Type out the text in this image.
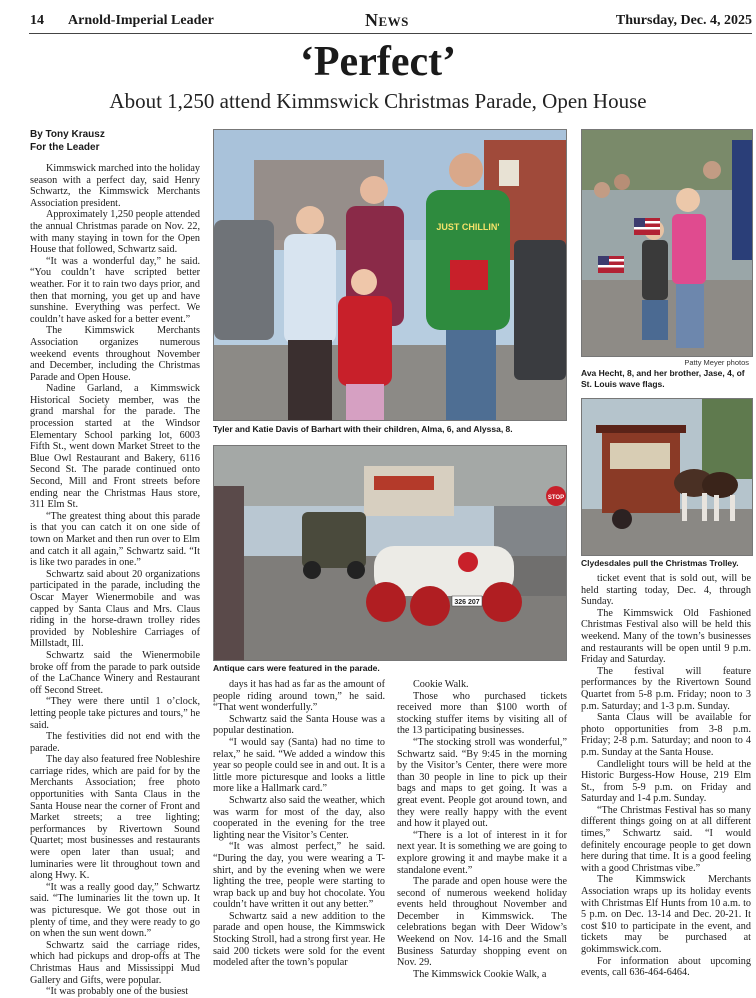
14 Arnold-Imperial Leader	News	Thursday, Dec. 4, 2025
‘Perfect’
About 1,250 attend Kimmswick Christmas Parade, Open House
By Tony Krausz
For the Leader

Kimmswick marched into the holiday season with a perfect day, said Henry Schwartz, the Kimmswick Merchants Association president.

Approximately 1,250 people attended the annual Christmas parade on Nov. 22, with many staying in town for the Open House that followed, Schwartz said.

“It was a wonderful day,” he said. “You couldn’t have scripted better weather. For it to rain two days prior, and then that morning, you get up and have sunshine. Everything was perfect. We couldn’t have asked for a better event.”

The Kimmswick Merchants Association organizes numerous weekend events throughout November and December, including the Christmas Parade and Open House.

Nadine Garland, a Kimmswick Historical Society member, was the grand marshal for the parade. The procession started at the Windsor Elementary School parking lot, 6003 Fifth St., went down Market Street to the Blue Owl Restaurant and Bakery, 6116 Second St. The parade continued onto Second, Mill and Front streets before ending near the Christmas Haus store, 311 Elm St.

“The greatest thing about this parade is that you can catch it on one side of town on Market and then run over to Elm and catch it all again,” Schwartz said. “It is like two parades in one.”

Schwartz said about 20 organizations participated in the parade, including the Oscar Mayer Wienermobile and was capped by Santa Claus and Mrs. Claus riding in the horse-drawn trolley rides provided by Nobleshire Carriages of Millstadt, Ill.

Schwartz said the Wienermobile broke off from the parade to park outside of the LaChance Winery and Restaurant off Second Street.

“They were there until 1 o’clock, letting people take pictures and tours,” he said.

The festivities did not end with the parade.

The day also featured free Nobleshire carriage rides, which are paid for by the Merchants Association; free photo opportunities with Santa Claus in the Santa House near the corner of Front and Market streets; a tree lighting; performances by Rivertown Sound Quartet; most businesses and restaurants were open later than usual; and luminaries were lit throughout town and along Hwy. K.

“It was a really good day,” Schwartz said. “The luminaries lit the town up. It was picturesque. We got those out in plenty of time, and they were ready to go on when the sun went down.”

Schwartz said the carriage rides, which had pickups and drop-offs at The Christmas Haus and Mississippi Mud Gallery and Gifts, were popular.

“It was probably one of the busiest

days it has had as far as the amount of people riding around town,” he said. “That went wonderfully.”

Schwartz said the Santa House was a popular destination.

“I would say (Santa) had no time to relax,” he said. “We added a window this year so people could see in and out. It is a little more picturesque and looks a little more like a Hallmark card.”

Schwartz also said the weather, which was warm for most of the day, also cooperated in the evening for the tree lighting near the Visitor’s Center.

“It was almost perfect,” he said. “During the day, you were wearing a T-shirt, and by the evening when we were lighting the tree, people were starting to wrap back up and buy hot chocolate. You couldn’t have written it out any better.”

Schwartz said a new addition to the parade and open house, the Kimmswick Stocking Stroll, had a strong first year. He said 200 tickets were sold for the event modeled after the town’s popular

Cookie Walk.

Those who purchased tickets received more than $100 worth of stocking stuffer items by visiting all of the 13 participating businesses.

“The stocking stroll was wonderful,” Schwartz said. “By 9:45 in the morning by the Visitor’s Center, there were more than 30 people in line to pick up their bags and maps to get going. It was a great event. People got around town, and they were really happy with the event and how it played out.

“There is a lot of interest in it for next year. It is something we are going to explore growing it and maybe make it a standalone event.”

The parade and open house were the second of numerous weekend holiday events held throughout November and December in Kimmswick. The celebrations began with Deer Widow’s Weekend on Nov. 14-16 and the Small Business Saturday shopping event on Nov. 29.

The Kimmswick Cookie Walk, a

ticket event that is sold out, will be held starting today, Dec. 4, through Sunday.

The Kimmswick Old Fashioned Christmas Festival also will be held this weekend. Many of the town’s businesses and restaurants will be open until 9 p.m. Friday and Saturday.

The festival will feature performances by the Rivertown Sound Quartet from 5-8 p.m. Friday; noon to 3 p.m. Saturday; and 1-3 p.m. Sunday.

Santa Claus will be available for photo opportunities from 3-8 p.m. Friday; 2-8 p.m. Saturday; and noon to 4 p.m. Sunday at the Santa House.

Candlelight tours will be held at the Historic Burgess-How House, 219 Elm St., from 5-9 p.m. on Friday and Saturday and 1-4 p.m. Sunday.

“The Christmas Festival has so many different things going on at all different times,” Schwartz said. “I would definitely encourage people to get down here during that time. It is a good feeling with a good Christmas vibe.”

The Kimmswick Merchants Association wraps up its holiday events with Christmas Elf Hunts from 10 a.m. to 5 p.m. on Dec. 13-14 and Dec. 20-21. It cost $10 to participate in the event, and tickets may be purchased at gokimmswick.com.

For information about upcoming events, call 636-464-6464.

JUST CHILLIN'
Tyler and Katie Davis of Barhart with their children, Alma, 6, and Alyssa, 8.
Patty Meyer photos
Ava Hecht, 8, and her brother, Jase, 4, of St. Louis wave flags.
326 207
STOP
Antique cars were featured in the parade.
Clydesdales pull the Christmas Trolley.
